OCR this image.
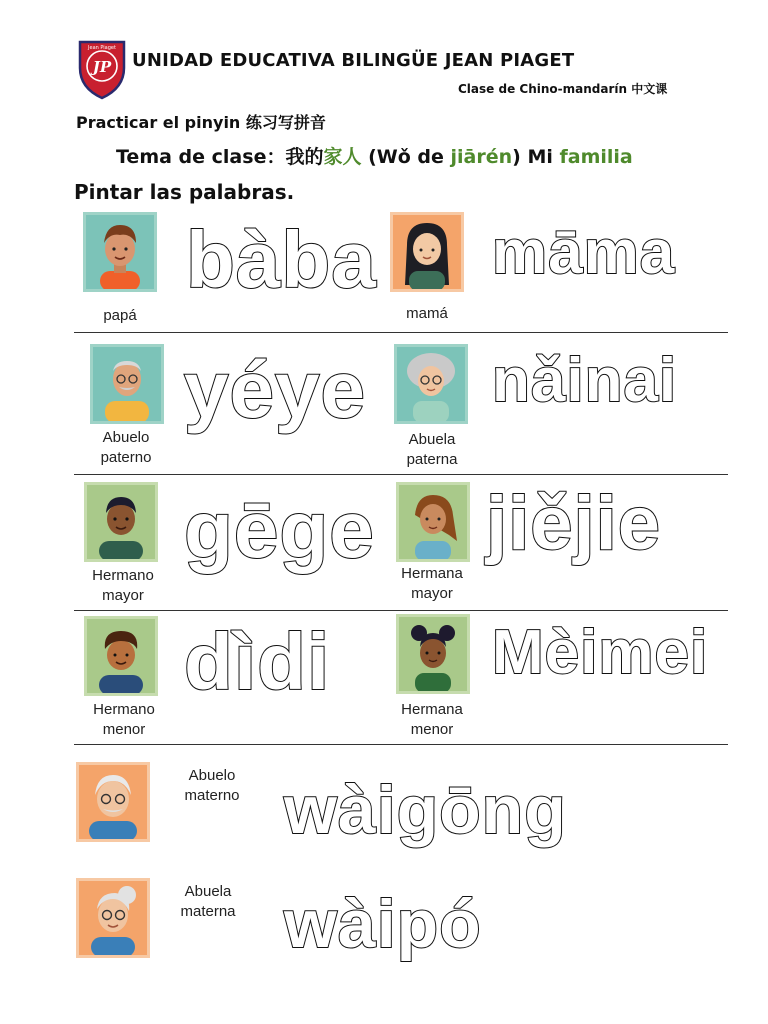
JP
Jean Piaget
UNIDAD EDUCATIVA BILINGÜE JEAN PIAGET
Clase de Chino-mandarín 中文课
Practicar el pinyin 练习写拼音
Tema de clase：我的家人 (Wǒ de jiārén) Mi familia
Pintar las palabras.
papá
bàba
mamá
māma
Abuelo
paterno
yéye
Abuela
paterna
nǎinai
Hermano
mayor
gēge	Hermana
mayor
jiějie
Hermano
menor
dìdi
Hermana
menor
Mèimei
Abuelo
materno wàigōng
Abuela
materna wàipó
